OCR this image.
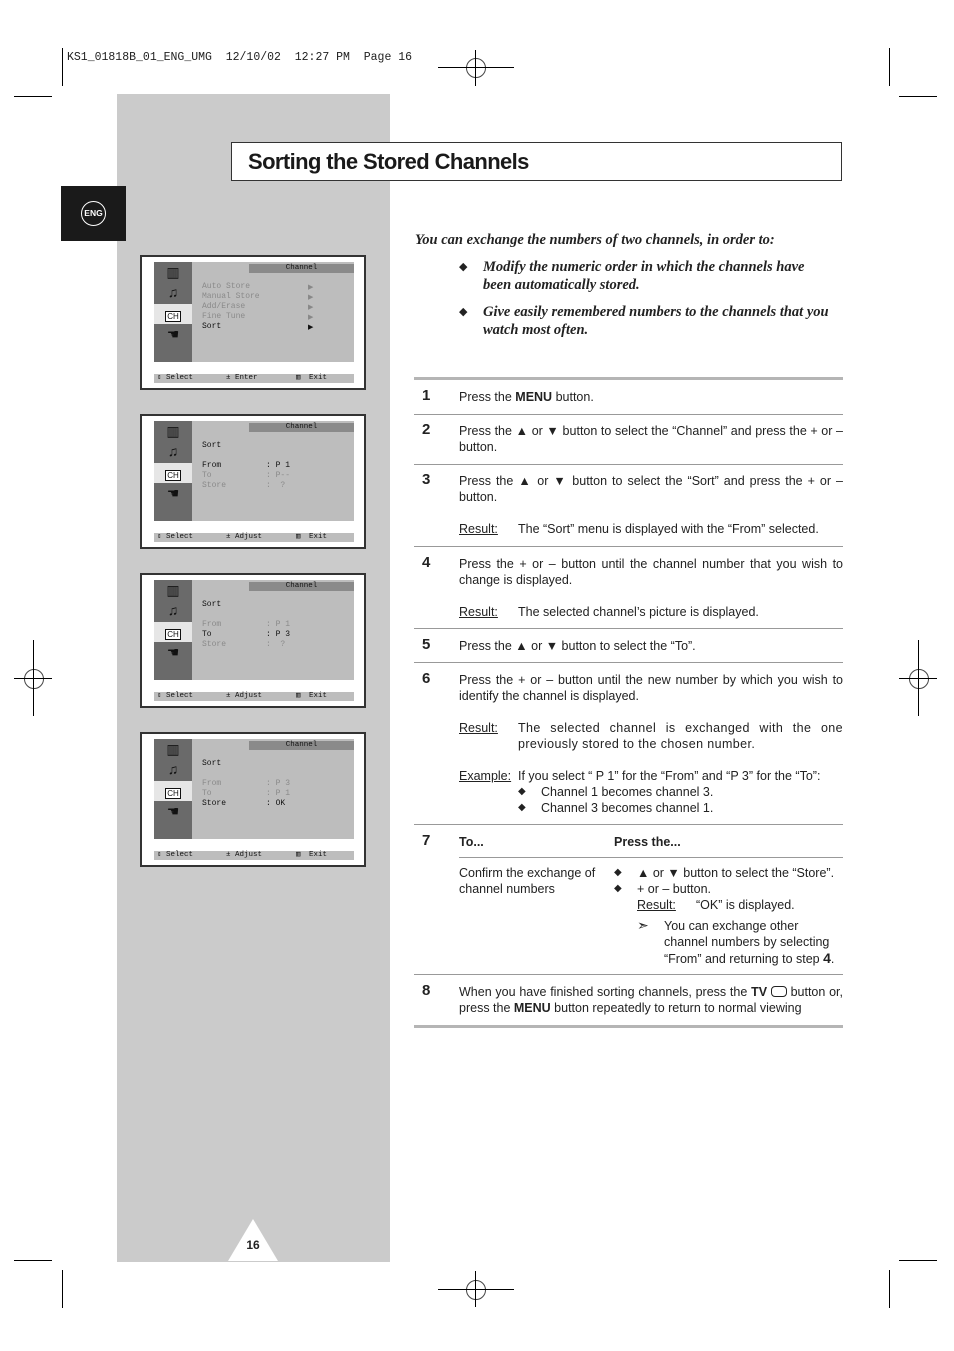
KS1_01818B_01_ENG_UMG  12/10/02  12:27 PM  Page 16
Sorting the Stored Channels
ENG
▥
♫
CH
☚
Channel
Auto Store
Manual Store
Add/Erase
Fine Tune
Sort
▶
▶
▶
▶
▶
⇕ Select	± Enter	▥ Exit
▥
♫
CH
☚
Channel
Sort
From	: P 1
To	: P--
Store	:  ?
⇕ Select	± Adjust	▥ Exit
▥
♫
CH
☚
Channel
Sort
From	: P 1
To	: P 3
Store	:  ?
⇕ Select	± Adjust	▥ Exit
▥
♫
CH
☚
Channel
Sort
From	: P 3
To	: P 1
Store	: OK
⇕ Select	± Adjust	▥ Exit
You can exchange the numbers of two channels, in order to:
◆ Modify the numeric order in which the channels have been automatically stored.
◆ Give easily remembered numbers to the channels that you watch most often.
1 Press the MENU button.
2 Press the ▲ or ▼ button to select the “Channel” and press the + or – button.
3 Press the ▲ or ▼ button to select the “Sort” and press the + or – button.
Result: The “Sort” menu is displayed with the “From” selected.
4 Press the + or – button until the channel number that you wish to change is displayed.
Result: The selected channel’s picture is displayed.
5 Press the ▲ or ▼ button to select the “To”.
6 Press the + or – button until the new number by which you wish to identify the channel is displayed.
Result: The selected channel is exchanged with the one previously stored to the chosen number.
Example: If you select “ P 1” for the “From” and “P 3” for the “To”:
◆ Channel 1 becomes channel 3.
◆ Channel 3 becomes channel 1.
7 To...	Press the...
Confirm the exchange of channel numbers
◆ ▲ or ▼ button to select the “Store”.
◆ + or – button.
Result: “OK” is displayed.
➣ You can exchange other channel numbers by selecting “From” and returning to step 4.
8 When you have finished sorting channels, press the TV  button or, press the MENU button repeatedly to return to normal viewing
16
